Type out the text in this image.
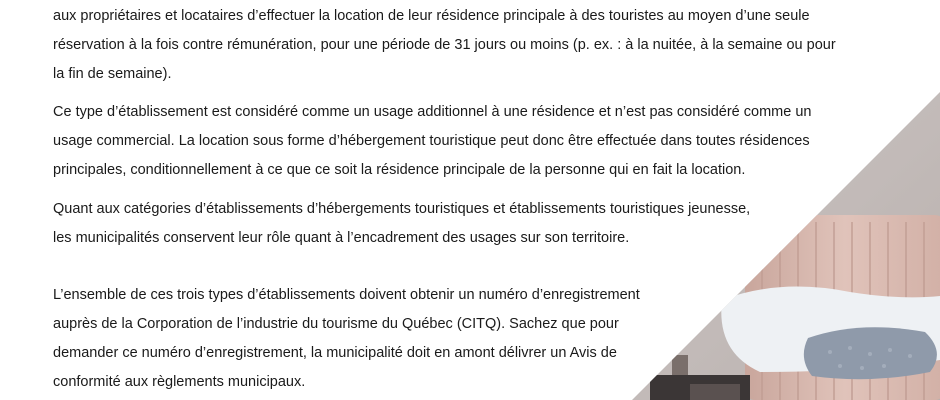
aux propriétaires et locataires d’effectuer la location de leur résidence principale à des touristes au moyen d’une seule
réservation à la fois contre rémunération, pour une période de 31 jours ou moins (p. ex. : à la nuitée, à la semaine ou pour
la fin de semaine).

Ce type d’établissement est considéré comme un usage additionnel à une résidence et n’est pas considéré comme un
usage commercial. La location sous forme d’hébergement touristique peut donc être effectuée dans toutes résidences
principales, conditionnellement à ce que ce soit la résidence principale de la personne qui en fait la location.

Quant aux catégories d’établissements d’hébergements touristiques et établissements touristiques jeunesse,
les municipalités conservent leur rôle quant à l’encadrement des usages sur son territoire.

L’ensemble de ces trois types d’établissements doivent obtenir un numéro d’enregistrement
auprès de la Corporation de l’industrie du tourisme du Québec (CITQ). Sachez que pour
demander ce numéro d’enregistrement, la municipalité doit en amont délivrer un Avis de
conformité aux règlements municipaux.
